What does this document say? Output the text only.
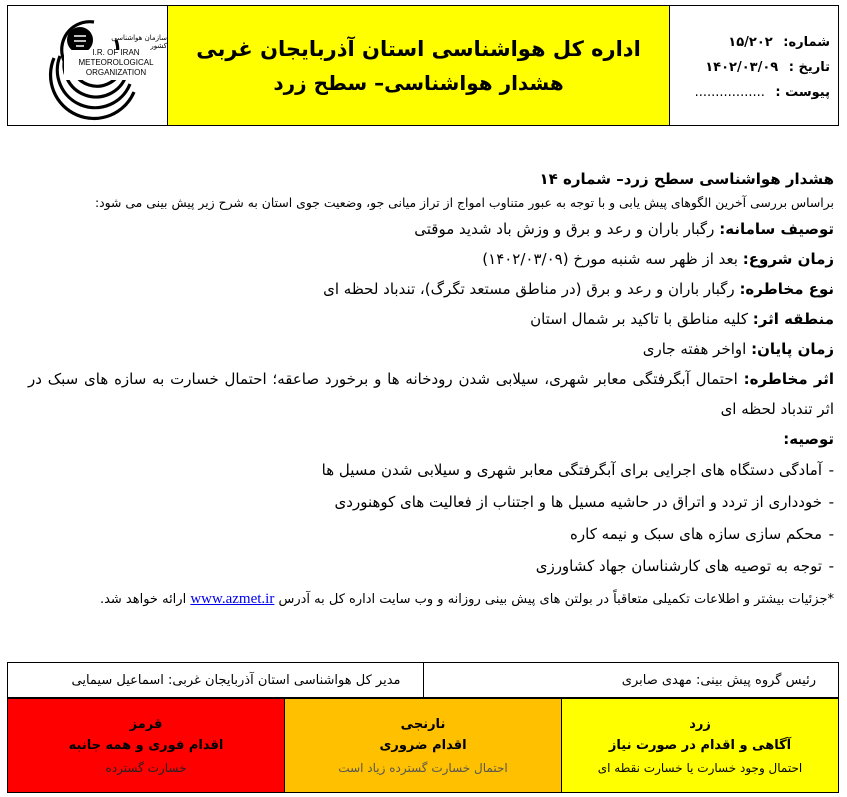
سازمان هواشناسی کشور
I.R. OF IRAN
METEOROLOGICAL
ORGANIZATION
اداره کل هواشناسی استان آذربایجان غربی
هشدار هواشناسی– سطح زرد
شماره: ۱۵/۲۰۲
تاریخ : ۱۴۰۲/۰۳/۰۹
پیوست : .................
هشدار هواشناسی سطح زرد– شماره ۱۴
براساس بررسی آخرین الگوهای پیش یابی و با توجه به عبور متناوب امواج از تراز میانی جو، وضعیت جوی استان به شرح زیر پیش بینی می شود:
توصیف سامانه: رگبار باران و رعد و برق و وزش باد شدید موقتی
زمان شروع: بعد از ظهر سه شنبه مورخ (۱۴۰۲/۰۳/۰۹)
نوع مخاطره: رگبار باران و رعد و برق (در مناطق مستعد تگرگ)، تندباد لحظه ای
منطقه اثر: کلیه مناطق با تاکید بر شمال استان
زمان پایان: اواخر هفته جاری
اثر مخاطره: احتمال آبگرفتگی معابر شهری، سیلابی شدن رودخانه ها و برخورد صاعقه؛ احتمال خسارت به سازه های سبک در اثر تندباد لحظه ای
توصیه:
- آمادگی دستگاه های اجرایی برای آبگرفتگی معابر شهری و سیلابی شدن مسیل ها
- خودداری از تردد و اتراق در حاشیه مسیل ها و اجتناب از فعالیت های کوهنوردی
- محکم سازی سازه های سبک و نیمه کاره
- توجه به توصیه های کارشناسان جهاد کشاورزی
*جزئیات بیشتر و اطلاعات تکمیلی متعاقباً در بولتن های پیش بینی روزانه و وب سایت اداره کل به آدرس www.azmet.ir ارائه خواهد شد.
رئیس گروه پیش بینی: مهدی صابری
مدیر کل هواشناسی استان آذربایجان غربی: اسماعیل سیمایی
زرد
آگاهی و اقدام در صورت نیاز
احتمال وجود خسارت یا خسارت نقطه ای
نارنجی
اقدام ضروری
احتمال خسارت گسترده زیاد است
قرمز
اقدام فوری و همه جانبه
خسارت گسترده
